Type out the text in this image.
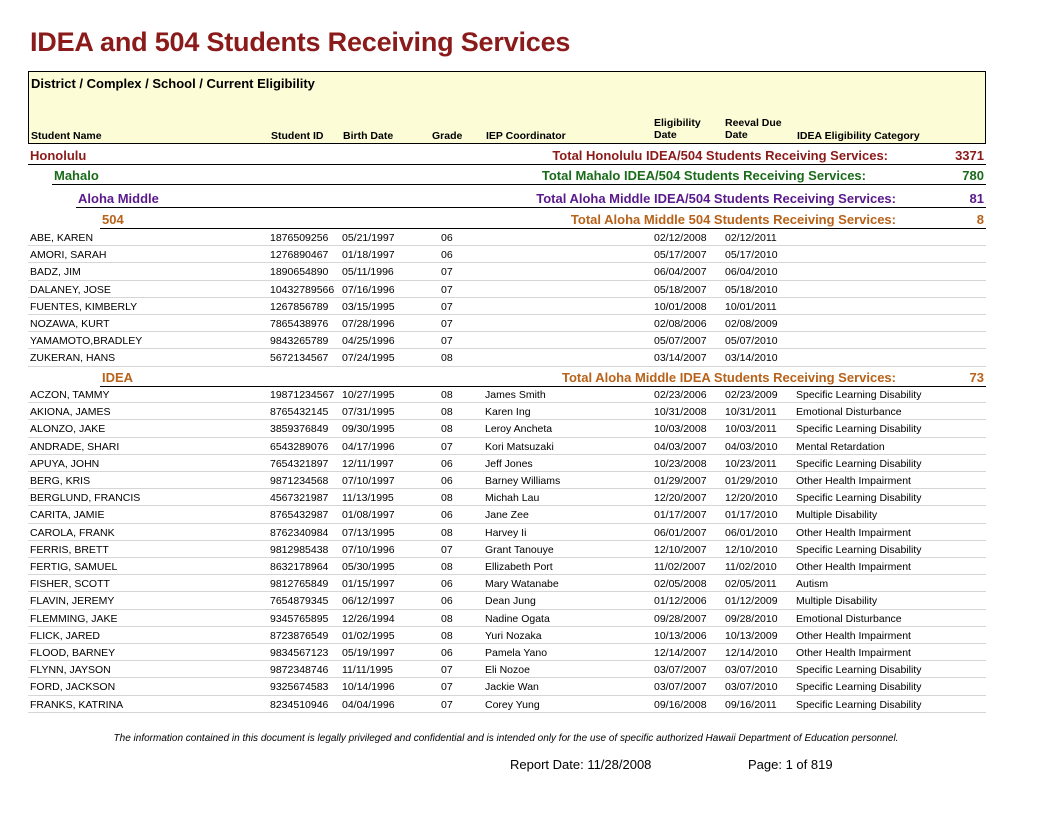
IDEA and 504 Students Receiving Services
District / Complex / School / Current Eligibility
Student Name	Student ID Birth Date	Grade IEP Coordinator
Eligibility
Date
Reeval Due
Date	IDEA Eligibility Category
Honolulu	Total Honolulu IDEA/504 Students Receiving Services:	3371
Mahalo	Total Mahalo IDEA/504 Students Receiving Services:	780
Aloha Middle	Total Aloha Middle IDEA/504 Students Receiving Services:	81
504	Total Aloha Middle 504 Students Receiving Services:	8
ABE, KAREN	1876509256 05/21/1997	06	02/12/2008 02/12/2011
AMORI, SARAH	1276890467 01/18/1997	06	05/17/2007 05/17/2010
BADZ, JIM	1890654890 05/11/1996	07	06/04/2007 06/04/2010
DALANEY, JOSE	10432789566 07/16/1996	07	05/18/2007 05/18/2010
FUENTES, KIMBERLY	1267856789 03/15/1995	07	10/01/2008 10/01/2011
NOZAWA, KURT	7865438976 07/28/1996	07	02/08/2006 02/08/2009
YAMAMOTO,BRADLEY	9843265789 04/25/1996	07	05/07/2007 05/07/2010
ZUKERAN, HANS	5672134567 07/24/1995	08	03/14/2007 03/14/2010
IDEA	Total Aloha Middle IDEA Students Receiving Services:	73
ACZON, TAMMY	19871234567 10/27/1995	08	James Smith	02/23/2006 02/23/2009 Specific Learning Disability
AKIONA, JAMES	8765432145 07/31/1995	08	Karen Ing	10/31/2008 10/31/2011 Emotional Disturbance
ALONZO, JAKE	3859376849 09/30/1995	08	Leroy Ancheta	10/03/2008 10/03/2011 Specific Learning Disability
ANDRADE, SHARI	6543289076 04/17/1996	07	Kori Matsuzaki	04/03/2007 04/03/2010 Mental Retardation
APUYA, JOHN	7654321897 12/11/1997	06	Jeff Jones	10/23/2008 10/23/2011 Specific Learning Disability
BERG, KRIS	9871234568 07/10/1997	06	Barney Williams	01/29/2007 01/29/2010 Other Health Impairment
BERGLUND, FRANCIS	4567321987 11/13/1995	08	Michah Lau	12/20/2007 12/20/2010 Specific Learning Disability
CARITA, JAMIE	8765432987 01/08/1997	06	Jane Zee	01/17/2007 01/17/2010 Multiple Disability
CAROLA, FRANK	8762340984 07/13/1995	08	Harvey Ii	06/01/2007 06/01/2010 Other Health Impairment
FERRIS, BRETT	9812985438 07/10/1996	07	Grant Tanouye	12/10/2007 12/10/2010 Specific Learning Disability
FERTIG, SAMUEL	8632178964 05/30/1995	08	Ellizabeth Port	11/02/2007 11/02/2010 Other Health Impairment
FISHER, SCOTT	9812765849 01/15/1997	06	Mary Watanabe	02/05/2008 02/05/2011 Autism
FLAVIN, JEREMY	7654879345 06/12/1997	06	Dean Jung	01/12/2006 01/12/2009 Multiple Disability
FLEMMING, JAKE	9345765895 12/26/1994	08	Nadine Ogata	09/28/2007 09/28/2010 Emotional Disturbance
FLICK, JARED	8723876549 01/02/1995	08	Yuri Nozaka	10/13/2006 10/13/2009 Other Health Impairment
FLOOD, BARNEY	9834567123 05/19/1997	06	Pamela Yano	12/14/2007 12/14/2010 Other Health Impairment
FLYNN, JAYSON	9872348746 11/11/1995	07	Eli Nozoe	03/07/2007 03/07/2010 Specific Learning Disability
FORD, JACKSON	9325674583 10/14/1996	07	Jackie Wan	03/07/2007 03/07/2010 Specific Learning Disability
FRANKS, KATRINA	8234510946 04/04/1996	07	Corey Yung	09/16/2008 09/16/2011 Specific Learning Disability
The information contained in this document is legally privileged and confidential and is intended only for the use of specific authorized Hawaii Department of Education personnel.
Report Date: 11/28/2008	Page: 1 of 819
